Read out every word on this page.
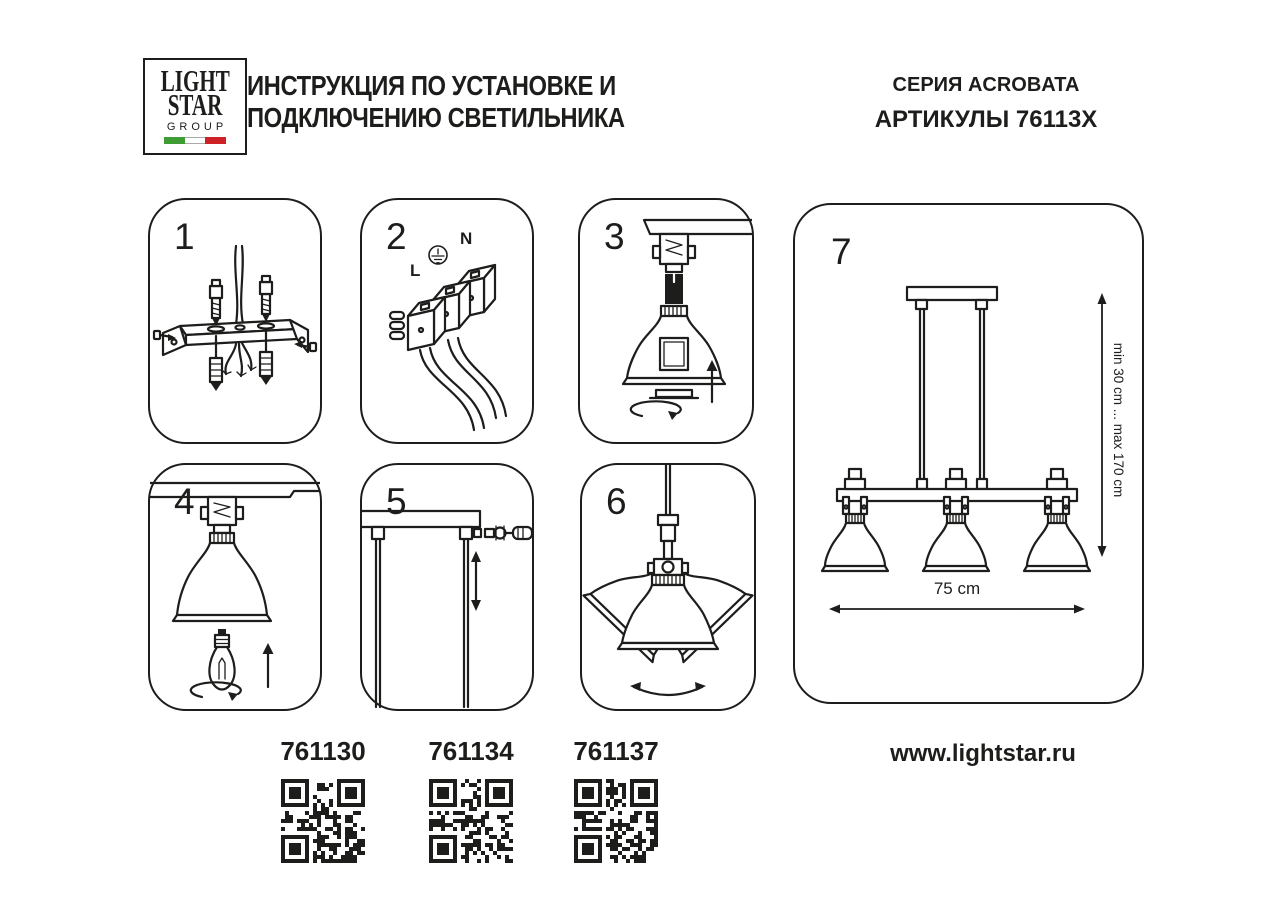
LIGHT
STAR
GROUP
ИНСТРУКЦИЯ ПО УСТАНОВКЕ И
ПОДКЛЮЧЕНИЮ СВЕТИЛЬНИКА
СЕРИЯ ACROBATA
АРТИКУЛЫ 76113X
1	2	N
L
3
4	5	6
7
min 30 cm ... max 170 cm
75 cm
761130	761134	761137	www.lightstar.ru
